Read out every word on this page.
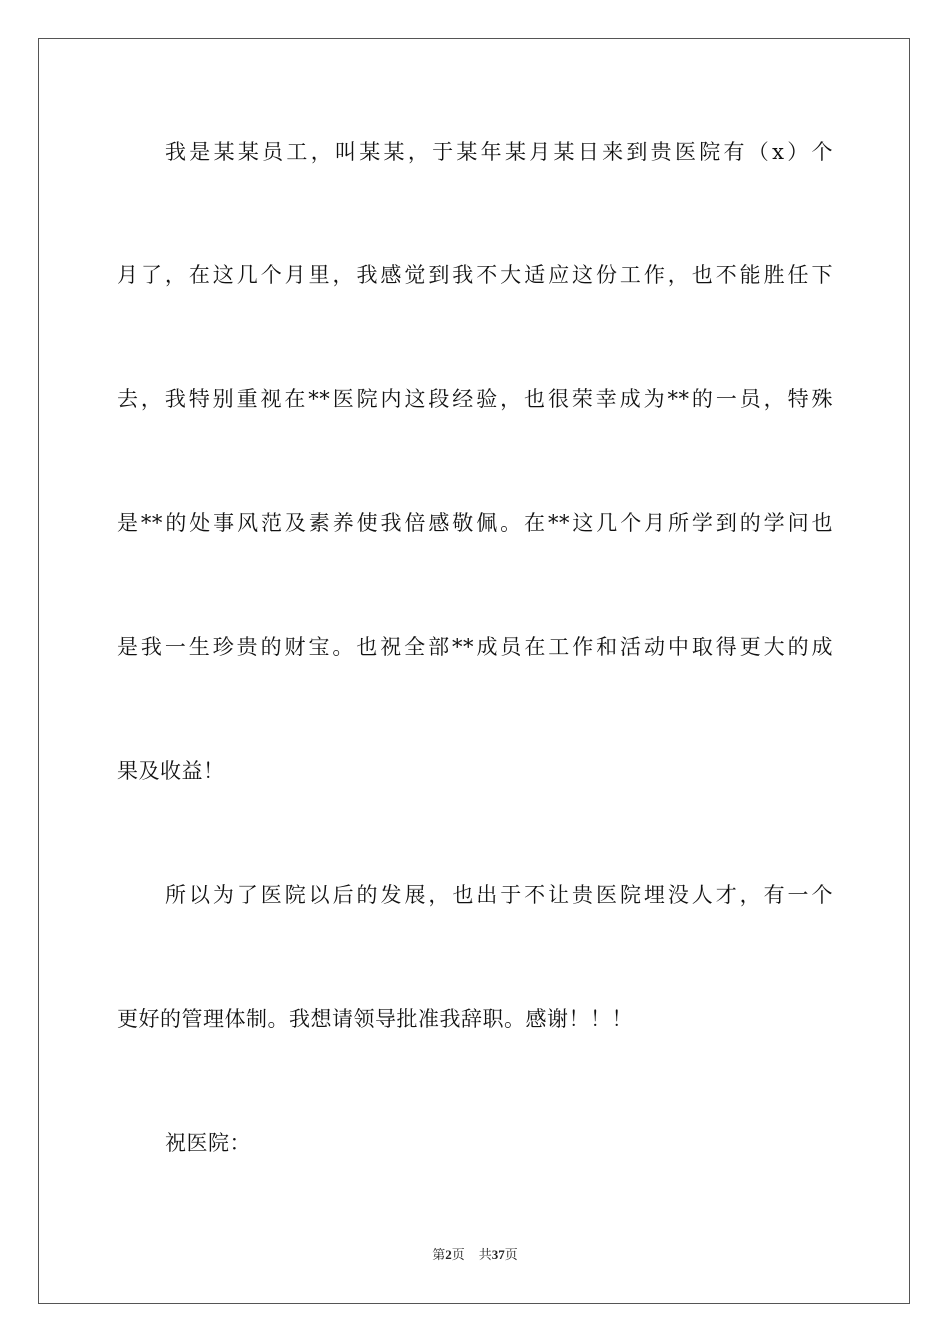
我是某某员工，叫某某，于某年某月某日来到贵医院有（x）个
月了，在这几个月里，我感觉到我不大适应这份工作，也不能胜任下
去，我特别重视在**医院内这段经验，也很荣幸成为**的一员，特殊
是**的处事风范及素养使我倍感敬佩。在**这几个月所学到的学问也
是我一生珍贵的财宝。也祝全部**成员在工作和活动中取得更大的成
果及收益！
所以为了医院以后的发展，也出于不让贵医院埋没人才，有一个
更好的管理体制。我想请领导批准我辞职。感谢！！！
祝医院：
第2页 共37页
